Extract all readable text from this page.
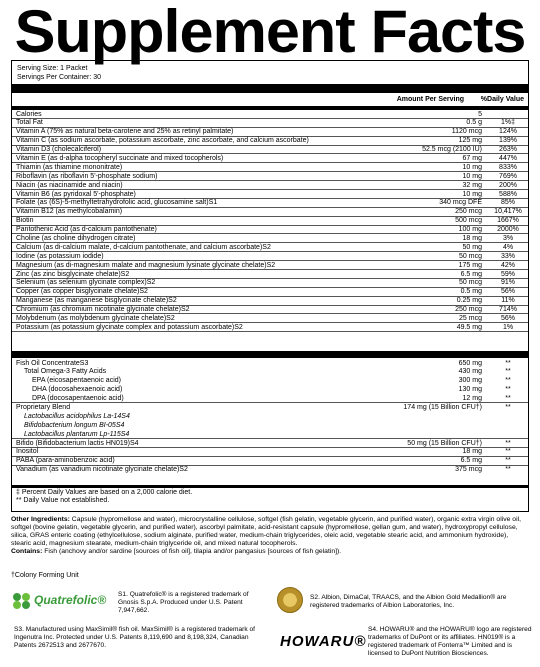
Supplement Facts
Serving Size: 1 Packet
Servings Per Container: 30
Amount Per Serving %Daily Value
Calories	5
Total Fat	0.5 g	1%‡
Vitamin A (75% as natural beta-carotene and 25% as retinyl palmitate)	1120 mcg	124%
Vitamin C (as sodium ascorbate, potassium ascorbate, zinc ascorbate, and calcium ascorbate)	125 mg	139%
Vitamin D3 (cholecalciferol)	52.5 mcg (2100 IU)	263%
Vitamin E (as d-alpha tocopheryl succinate and mixed tocopherols)	67 mg	447%
Thiamin (as thiamine mononitrate)	10 mg	833%
Riboflavin (as riboflavin 5'-phosphate sodium)	10 mg	769%
Niacin (as niacinamide and niacin)	32 mg	200%
Vitamin B6 (as pyridoxal 5'-phosphate)	10 mg	588%
Folate (as (6S)-5-methyltetrahydrofolic acid, glucosamine salt)S1	340 mcg DFE	85%
Vitamin B12 (as methylcobalamin)	250 mcg	10,417%
Biotin	500 mcg	1667%
Pantothenic Acid (as d-calcium pantothenate)	100 mg	2000%
Choline (as choline dihydrogen citrate)	18 mg	3%
Calcium (as di-calcium malate, d-calcium pantothenate, and calcium ascorbate)S2	50 mg	4%
Iodine (as potassium iodide)	50 mcg	33%
Magnesium (as di-magnesium malate and magnesium lysinate glycinate chelate)S2	175 mg	42%
Zinc (as zinc bisglycinate chelate)S2	6.5 mg	59%
Selenium (as selenium glycinate complex)S2	50 mcg	91%
Copper (as copper bisglycinate chelate)S2	0.5 mg	56%
Manganese (as manganese bisglycinate chelate)S2	0.25 mg	11%
Chromium (as chromium nicotinate glycinate chelate)S2	250 mcg	714%
Molybdenum (as molybdenum glycinate chelate)S2	25 mcg	56%
Potassium (as potassium glycinate complex and potassium ascorbate)S2	49.5 mg	1%
Fish Oil ConcentrateS3	650 mg	**
Total Omega-3 Fatty Acids	430 mg	**
EPA (eicosapentaenoic acid)	300 mg	**
DHA (docosahexaenoic acid)	130 mg	**
DPA (docosapentaenoic acid)	12 mg	**
Proprietary Blend	174 mg (15 Billion CFU†)	**
Lactobacillus acidophilus La-14S4
Bifidobacterium longum BI-05S4
Lactobacillus plantarum Lp-115S4
Bifido (Bifidobacterium lactis HN019)S4	50 mg (15 Billion CFU†)	**
Inositol	18 mg	**
PABA (para-aminobenzoic acid)	6.5 mg	**
Vanadium (as vanadium nicotinate glycinate chelate)S2	375 mcg	**
‡ Percent Daily Values are based on a 2,000 calorie diet.
** Daily Value not established.
Other Ingredients: Capsule (hypromellose and water), microcrystalline cellulose, softgel (fish gelatin, vegetable glycerin, and purified water), organic extra virgin olive oil, softgel (bovine gelatin, vegetable glycerin, and purified water), ascorbyl palmitate, acid-resistant capsule (hypromellose, gellan gum, and water), hydroxypropyl cellulose, silica, GRAS enteric coating (ethylcellulose, sodium alginate, purified water, medium-chain triglycerides, oleic acid, vegetable stearic acid, and ammonium hydroxide), stearic acid, magnesium stearate, medium-chain triglyceride oil, and mixed natural tocopherols.
Contains: Fish (anchovy and/or sardine [sources of fish oil], tilapia and/or pangasius [sources of fish gelatin]).
†Colony Forming Unit
Quatrefolic® S1. Quatrefolic® is a registered trademark of Gnosis S.p.A. Produced under U.S. Patent 7,947,662.
S2. Albion, DimaCal, TRAACS, and the Albion Gold Medallion® are registered trademarks of Albion Laboratories, Inc.
S3. Manufactured using MaxSimil® fish oil. MaxSimil® is a registered trademark of Ingenutra Inc. Protected under U.S. Patents 8,119,690 and 8,198,324, Canadian Patents 2672513 and 2677670.	HOWARU®
S4. HOWARU® and the HOWARU® logo are registered trademarks of DuPont or its affiliates. HN019® is a registered trademark of Fonterra™ Limited and is licensed to DuPont Nutrition Biosciences.
